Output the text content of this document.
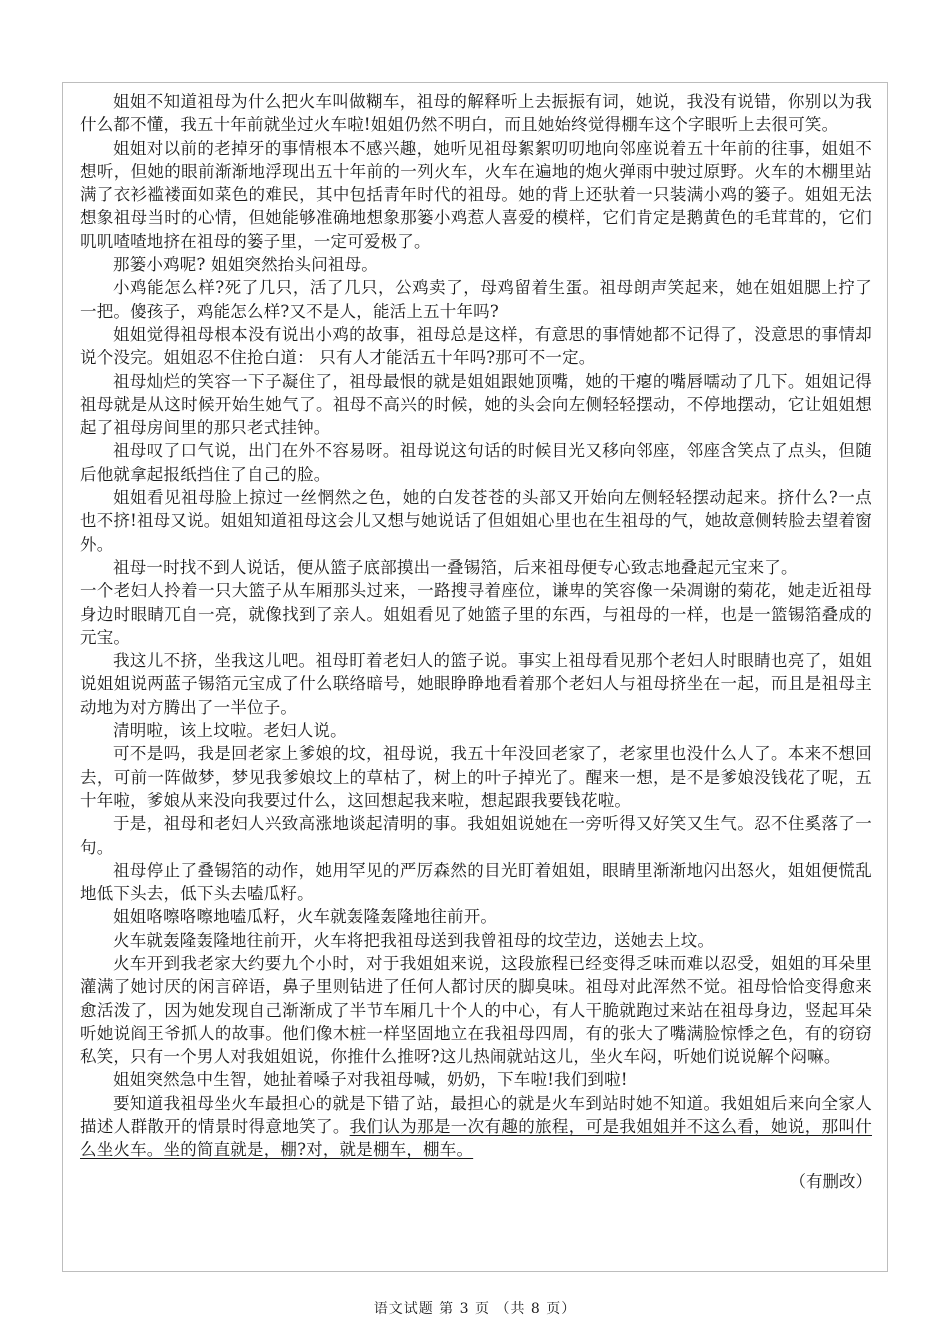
姐姐不知道祖母为什么把火车叫做糊车，祖母的解释听上去振振有词，她说，我没有说错，你别以为我什么都不懂，我五十年前就坐过火车啦!姐姐仍然不明白，而且她始终觉得棚车这个字眼听上去很可笑。

姐姐对以前的老掉牙的事情根本不感兴趣，她听见祖母絮絮叨叨地向邻座说着五十年前的往事，姐姐不想听，但她的眼前渐渐地浮现出五十年前的一列火车，火车在遍地的炮火弹雨中驶过原野。火车的木棚里站满了衣衫褴褛面如菜色的难民，其中包括青年时代的祖母。她的背上还驮着一只装满小鸡的篓子。姐姐无法想象祖母当时的心情，但她能够准确地想象那篓小鸡惹人喜爱的模样，它们肯定是鹅黄色的毛茸茸的，它们叽叽喳喳地挤在祖母的篓子里，一定可爱极了。

那篓小鸡呢? 姐姐突然抬头问祖母。

小鸡能怎么样?死了几只，活了几只，公鸡卖了，母鸡留着生蛋。祖母朗声笑起来，她在姐姐腮上拧了一把。傻孩子，鸡能怎么样?又不是人，能活上五十年吗?

姐姐觉得祖母根本没有说出小鸡的故事，祖母总是这样，有意思的事情她都不记得了，没意思的事情却说个没完。姐姐忍不住抢白道： 只有人才能活五十年吗?那可不一定。

祖母灿烂的笑容一下子凝住了，祖母最恨的就是姐姐跟她顶嘴，她的干瘪的嘴唇嚅动了几下。姐姐记得祖母就是从这时候开始生她气了。祖母不高兴的时候，她的头会向左侧轻轻摆动，不停地摆动，它让姐姐想起了祖母房间里的那只老式挂钟。

祖母叹了口气说，出门在外不容易呀。祖母说这句话的时候目光又移向邻座，邻座含笑点了点头，但随后他就拿起报纸挡住了自己的脸。

姐姐看见祖母脸上掠过一丝惘然之色，她的白发苍苍的头部又开始向左侧轻轻摆动起来。挤什么?一点也不挤!祖母又说。姐姐知道祖母这会儿又想与她说话了但姐姐心里也在生祖母的气，她故意侧转脸去望着窗外。

祖母一时找不到人说话，便从篮子底部摸出一叠锡箔，后来祖母便专心致志地叠起元宝来了。

一个老妇人拎着一只大篮子从车厢那头过来，一路搜寻着座位，谦卑的笑容像一朵凋谢的菊花，她走近祖母身边时眼睛兀自一亮，就像找到了亲人。姐姐看见了她篮子里的东西，与祖母的一样，也是一篮锡箔叠成的元宝。

我这儿不挤，坐我这儿吧。祖母盯着老妇人的篮子说。事实上祖母看见那个老妇人时眼睛也亮了，姐姐说姐姐说两蓝子锡箔元宝成了什么联络暗号，她眼睁睁地看着那个老妇人与祖母挤坐在一起，而且是祖母主动地为对方腾出了一半位子。

清明啦，该上坟啦。老妇人说。

可不是吗，我是回老家上爹娘的坟，祖母说，我五十年没回老家了，老家里也没什么人了。本来不想回去，可前一阵做梦，梦见我爹娘坟上的草枯了，树上的叶子掉光了。醒来一想，是不是爹娘没钱花了呢，五十年啦，爹娘从来没向我要过什么，这回想起我来啦，想起跟我要钱花啦。

于是，祖母和老妇人兴致高涨地谈起清明的事。我姐姐说她在一旁听得又好笑又生气。忍不住奚落了一句。

祖母停止了叠锡箔的动作，她用罕见的严厉森然的目光盯着姐姐，眼睛里渐渐地闪出怒火，姐姐便慌乱地低下头去，低下头去嗑瓜籽。

姐姐咯嚓咯嚓地嗑瓜籽，火车就轰隆轰隆地往前开。

火车就轰隆轰隆地往前开，火车将把我祖母送到我曾祖母的坟茔边，送她去上坟。

火车开到我老家大约要九个小时，对于我姐姐来说，这段旅程已经变得乏味而难以忍受，姐姐的耳朵里灌满了她讨厌的闲言碎语，鼻子里则钻进了任何人都讨厌的脚臭味。祖母对此浑然不觉。祖母恰恰变得愈来愈活泼了，因为她发现自己渐渐成了半节车厢几十个人的中心，有人干脆就跑过来站在祖母身边，竖起耳朵听她说阎王爷抓人的故事。他们像木桩一样坚固地立在我祖母四周，有的张大了嘴满脸惊悸之色，有的窃窃私笑，只有一个男人对我姐姐说，你推什么推呀?这儿热闹就站这儿，坐火车闷，听她们说说解个闷嘛。

姐姐突然急中生智，她扯着嗓子对我祖母喊，奶奶，下车啦!我们到啦!

要知道我祖母坐火车最担心的就是下错了站，最担心的就是火车到站时她不知道。我姐姐后来向全家人描述人群散开的情景时得意地笑了。我们认为那是一次有趣的旅程，可是我姐姐并不这么看，她说，那叫什么坐火车。坐的简直就是，棚?对，就是棚车，棚车。

（有删改）
语文试题 第 3 页 （共 8 页）
